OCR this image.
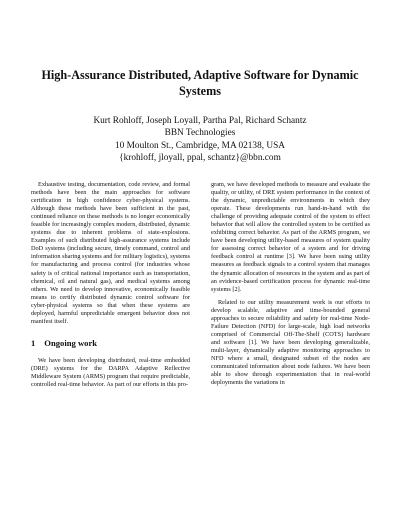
High-Assurance Distributed, Adaptive Software for Dynamic
Systems
Kurt Rohloff, Joseph Loyall, Partha Pal, Richard Schantz
BBN Technologies
10 Moulton St., Cambridge, MA 02138, USA
{krohloff, jloyall, ppal, schantz}@bbn.com

Exhaustive testing, documentation, code review, and formal methods have been the main approaches for software certification in high confidence cyber-physical systems. Although these methods have been sufficient in the past, continued reliance on these methods is no longer economically feasible for increasingly complex modern, distributed, dynamic systems due to inherent problems of state-explosions. Examples of such distributed high-assurance systems include DoD systems (including secure, timely command, control and information sharing systems and for military logistics), systems for manufacturing and process control (for industries whose safety is of critical national importance such as transportation, chemical, oil and natural gas), and medical systems among others. We need to develop innovative, economically feasible means to certify distributed dynamic control software for cyber-physical systems so that when these systems are deployed, harmful unpredictable emergent behavior does not manifest itself.

1 Ongoing work

We have been developing distributed, real-time embedded (DRE) systems for the DARPA Adaptive Reflective Middleware System (ARMS) program that require predictable, controlled real-time behavior. As part of our efforts in this pro-

gram, we have developed methods to measure and evaluate the quality, or utility, of DRE system performance in the context of the dynamic, unpredictable environments in which they operate. These developments run hand-in-hand with the challenge of providing adequate control of the system to effect behavior that will allow the controlled system to be certified as exhibiting correct behavior. As part of the ARMS program, we have been developing utility-based measures of system quality for assessing correct behavior of a system and for driving feedback control at runtime [3]. We have been using utility measures as feedback signals to a control system that manages the dynamic allocation of resources in the system and as part of an evidence-based certification process for dynamic real-time systems [2].

Related to our utility measurement work is our efforts to develop scalable, adaptive and time-bounded general approaches to secure reliability and safety for real-time Node-Failure Detection (NFD) for large-scale, high load networks comprised of Commercial Off-The-Shelf (COTS) hardware and software [1]. We have been developing generalizable, multi-layer, dynamically adaptive monitoring approaches to NFD where a small, designated subset of the nodes are communicated information about node failures. We have been able to show through experimentation that in real-world deployments the variations in
